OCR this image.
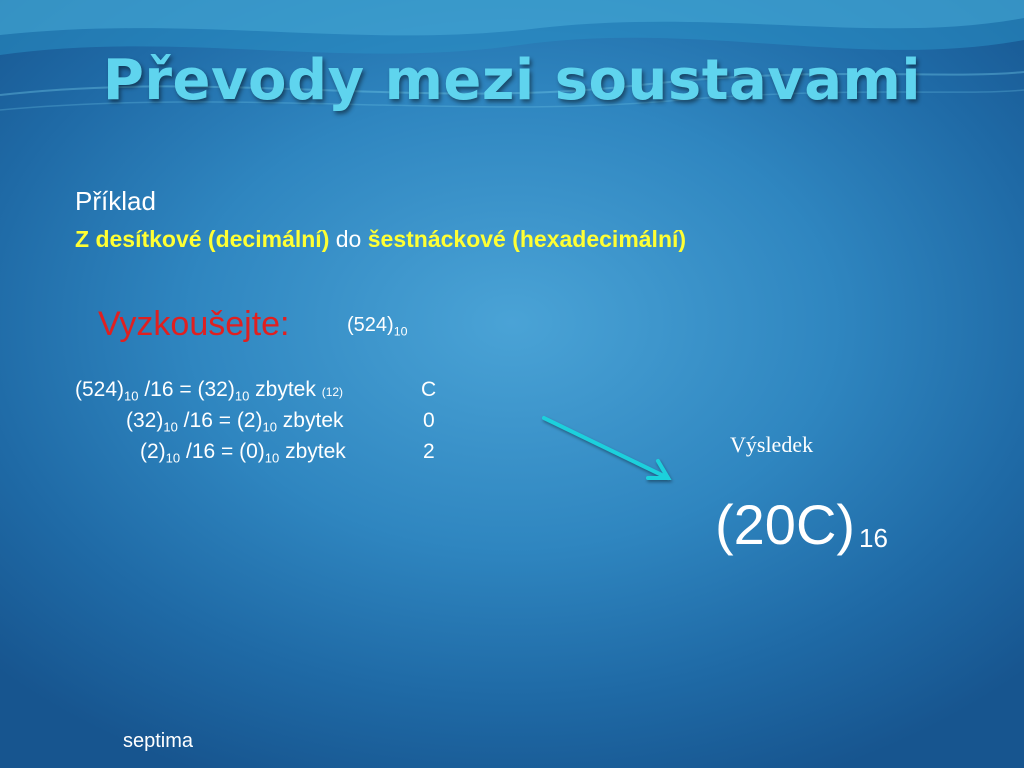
Převody mezi soustavami
Příklad
Z desítkové (decimální) do šestnáckové (hexadecimální)
Vyzkoušejte:	$(524)_{10}$
$(524)_{10}$ $/16 = (32)_{10}$ zbytek (12)	C
$(32)_{10}$ $/16 = (2)_{10}$ zbytek	0
$(2)_{10}$ $/16 = (0)_{10}$ zbytek	2	Výsledek
(20C) $_{16}$
septima
